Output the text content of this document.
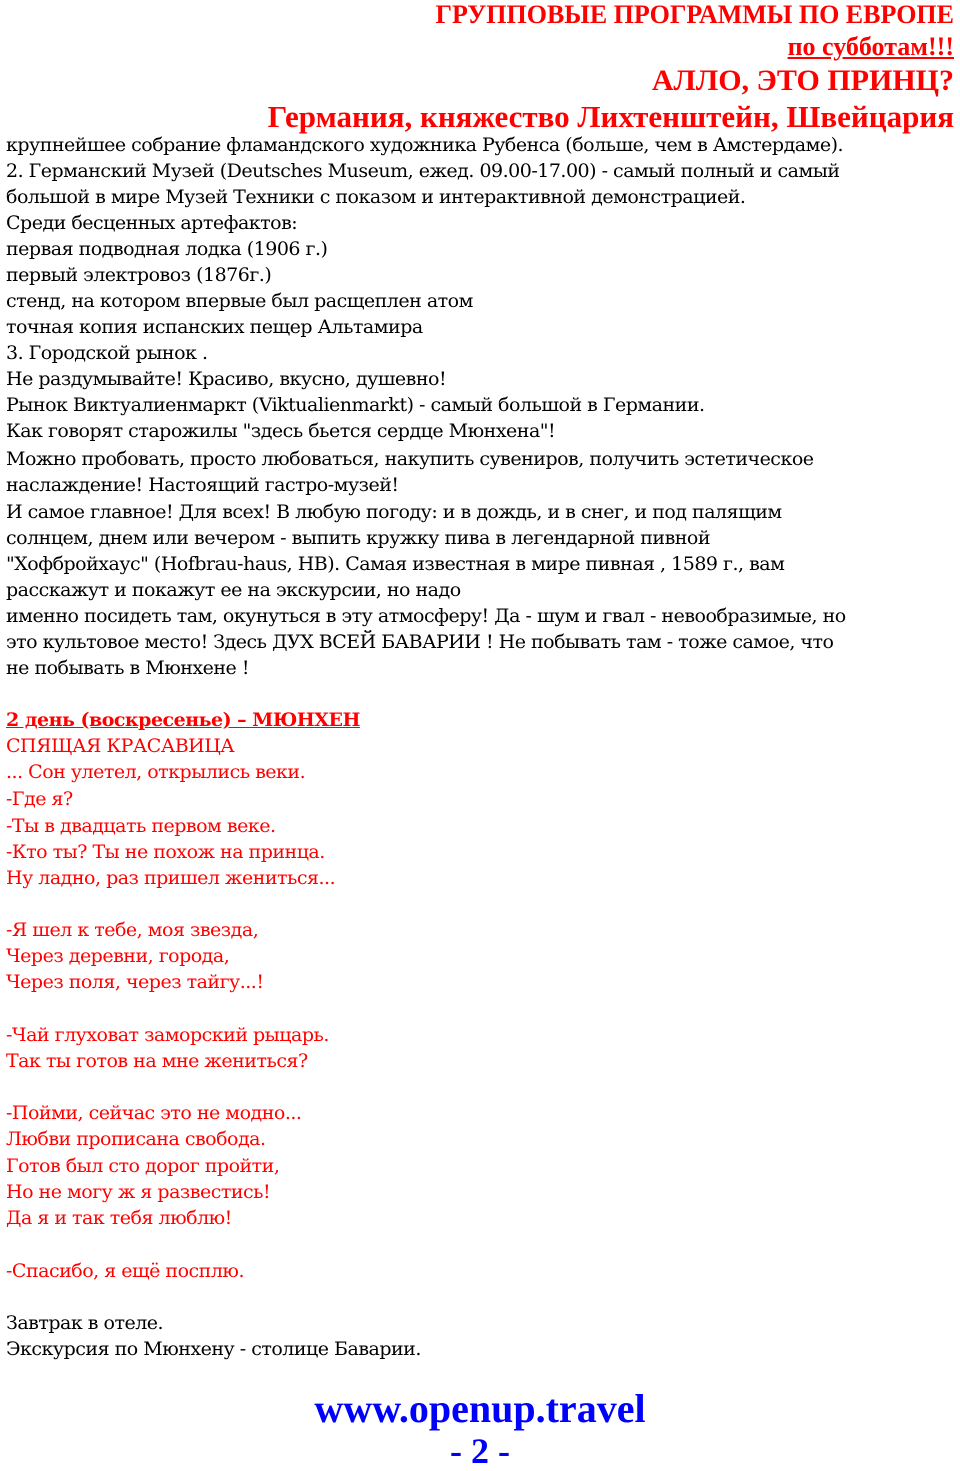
ГРУППОВЫЕ ПРОГРАММЫ ПО ЕВРОПЕ
по субботам!!!
АЛЛО, ЭТО ПРИНЦ?
Германия, княжество Лихтенштейн, Швейцария
крупнейшее собрание фламандского художника Рубенса (больше, чем в Амстердаме).
2. Германский Музей (Deutsches Museum, ежед. 09.00-17.00) - самый полный и самый
большой в мире Музей Техники с показом и интерактивной демонстрацией.
Среди бесценных артефактов:
первая подводная лодка (1906 г.)
первый электровоз (1876г.)
стенд, на котором впервые был расщеплен атом
точная копия испанских пещер Альтамира
3. Городской рынок .
Не раздумывайте! Красиво, вкусно, душевно!
Рынок Виктуалиенмаркт (Viktualienmarkt) - самый большой в Германии.
Как говорят старожилы "здесь бьется сердце Мюнхена"!
Можно пробовать, просто любоваться, накупить сувениров, получить эстетическое
наслаждение! Настоящий гастро-музей!
И самое главное! Для всех! В любую погоду: и в дождь, и в снег, и под палящим
солнцем, днем или вечером - выпить кружку пива в легендарной пивной
"Хофбройхаус" (Hofbrau-haus, HB). Самая известная в мире пивная , 1589 г., вам
расскажут и покажут ее на экскурсии, но надо
именно посидеть там, окунуться в эту атмосферу! Да - шум и гвал - невообразимые, но
это культовое место! Здесь ДУХ ВСЕЙ БАВАРИИ ! Не побывать там - тоже самое, что
не побывать в Мюнхене !
2 день (воскресенье) – МЮНХЕН
СПЯЩАЯ КРАСАВИЦА
... Сон улетел, открылись веки.
-Где я?
-Ты в двадцать первом веке.
-Кто ты? Ты не похож на принца.
Ну ладно, раз пришел жениться...
-Я шел к тебе, моя звезда,
Через деревни, города,
Через поля, через тайгу...!
-Чай глуховат заморский рыцарь.
Так ты готов на мне жениться?
-Пойми, сейчас это не модно...
Любви прописана свобода.
Готов был сто дорог пройти,
Но не могу ж я развестись!
Да я и так тебя люблю!
-Спасибо, я ещё посплю.
Завтрак в отеле.
Экскурсия по Мюнхену - столице Баварии.
www.openup.travel
- 2 -
